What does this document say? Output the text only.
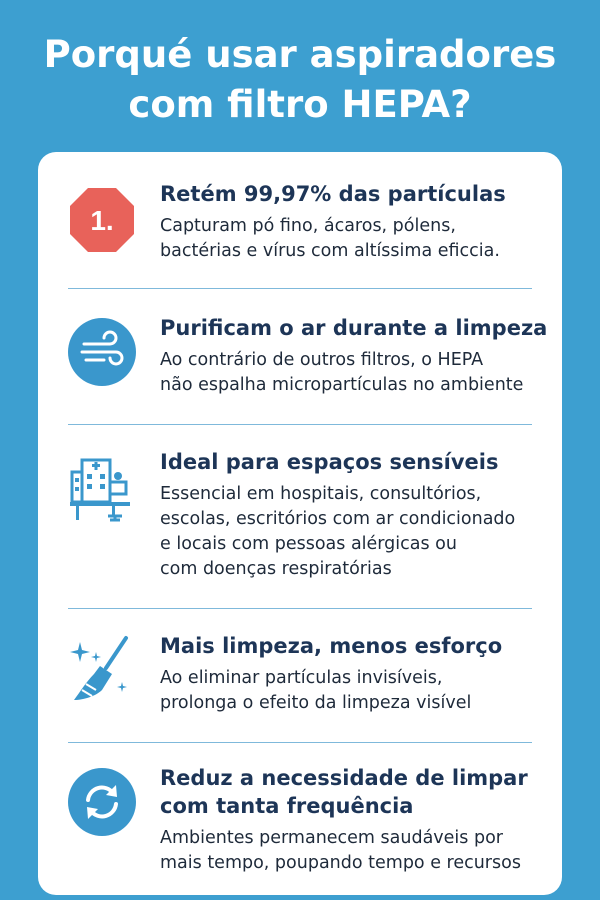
Porqué usar aspiradores
com filtro HEPA?
1.
Retém 99,97% das partículas

Capturam pó fino, ácaros, pólens,
bactérias e vírus com altíssima eficcia.

Purificam o ar durante a limpeza

Ao contrário de outros filtros, o HEPA
não espalha micropartículas no ambiente

Ideal para espaços sensíveis

Essencial em hospitais, consultórios,
escolas, escritórios com ar condicionado
e locais com pessoas alérgicas ou
com doenças respiratórias

Mais limpeza, menos esforço

Ao eliminar partículas invisíveis,
prolonga o efeito da limpeza visível

Reduz a necessidade de limpar
com tanta frequência

Ambientes permanecem saudáveis por
mais tempo, poupando tempo e recursos
